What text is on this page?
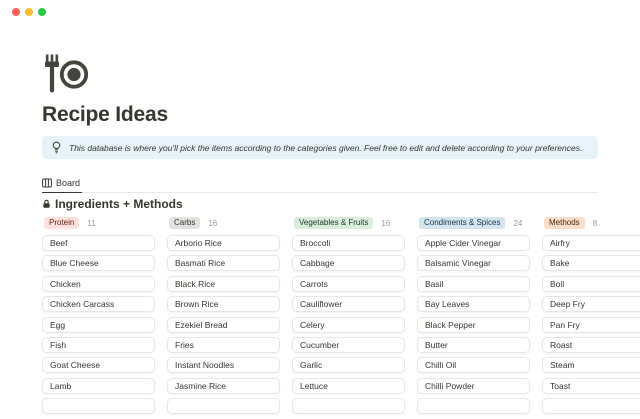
Recipe Ideas
This database is where you'll pick the items according to the categories given. Feel free to edit and delete according to your preferences.
Board
Ingredients + Methods
Protein	11
Beef
Blue Cheese
Chicken
Chicken Carcass
Egg
Fish
Goat Cheese
Lamb
Carbs	16
Arborio Rice
Basmati Rice
Black Rice
Brown Rice
Ezekiel Bread
Fries
Instant Noodles
Jasmine Rice
Vegetables & Fruits	16
Broccoli
Cabbage
Carrots
Cauliflower
Celery
Cucumber
Garlic
Lettuce
Condiments & Spices	24
Apple Cider Vinegar
Balsamic Vinegar
Basil
Bay Leaves
Black Pepper
Butter
Chilli Oil
Chilli Powder
Methods	8
Airfry
Bake
Boil
Deep Fry
Pan Fry
Roast
Steam
Toast
